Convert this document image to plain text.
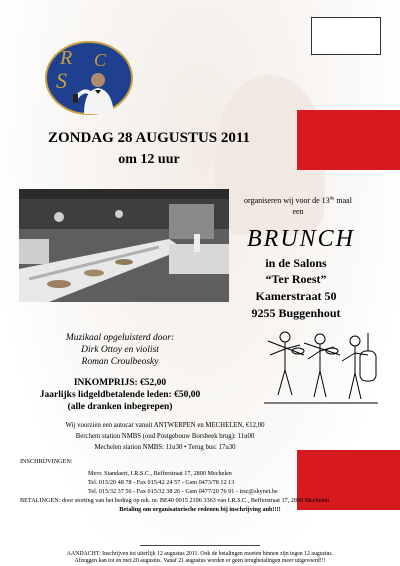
R
S
C
ZONDAG 28 AUGUSTUS 2011
om 12 uur
organiseren wij voor de 13de maal
een
BRUNCH
in de Salons
“Ter Roest”
Kamerstraat 50
9255 Buggenhout
Muzikaal opgeluisterd door:
Dirk Ottoy en violist
Roman Croulbeosky
INKOMPRIJS: €52,00
Jaarlijks lidgeldbetalende leden: €50,00
(alle dranken inbegrepen)
Wij voorzien een autocar vanuit ANTWERPEN en MECHELEN, €12,00
Berchem station NMBS (oud Postgebouw Borsbeek brug): 11u00
Mechelen station NMBS: 11u30 • Terug bus: 17u30
INSCHRIJVINGEN:
Mevr. Standaert, I.R.S.C., Befferstraat 17, 2800 Mechelen
Tel. 015/20 48 78 - Fax 015/42 24 57 - Gsm 0473/78 12 13
Tel. 015/32 37 56 - Fax 015/32 38 26 - Gsm 0477/20 76 91 - irsc@skynet.be
BETALINGEN: door storting van het bedrag op rek. nr. BE40 0015 2106 3363 van I.R.S.C., Befferstraat 17, 2800 Mechelen
Betaling om organisatorische redenen bij inschrijving aub!!!!
AANDACHT: Inschrijven tot uiterlijk 12 augustus 2011. Ook de betalingen moeten binnen zijn tegen 12 augustus.
Afzeggen kan tot en met 20 augustus. Vanaf 21 augustus worden er geen terugbetalingen meer uitgevoerd!!!
